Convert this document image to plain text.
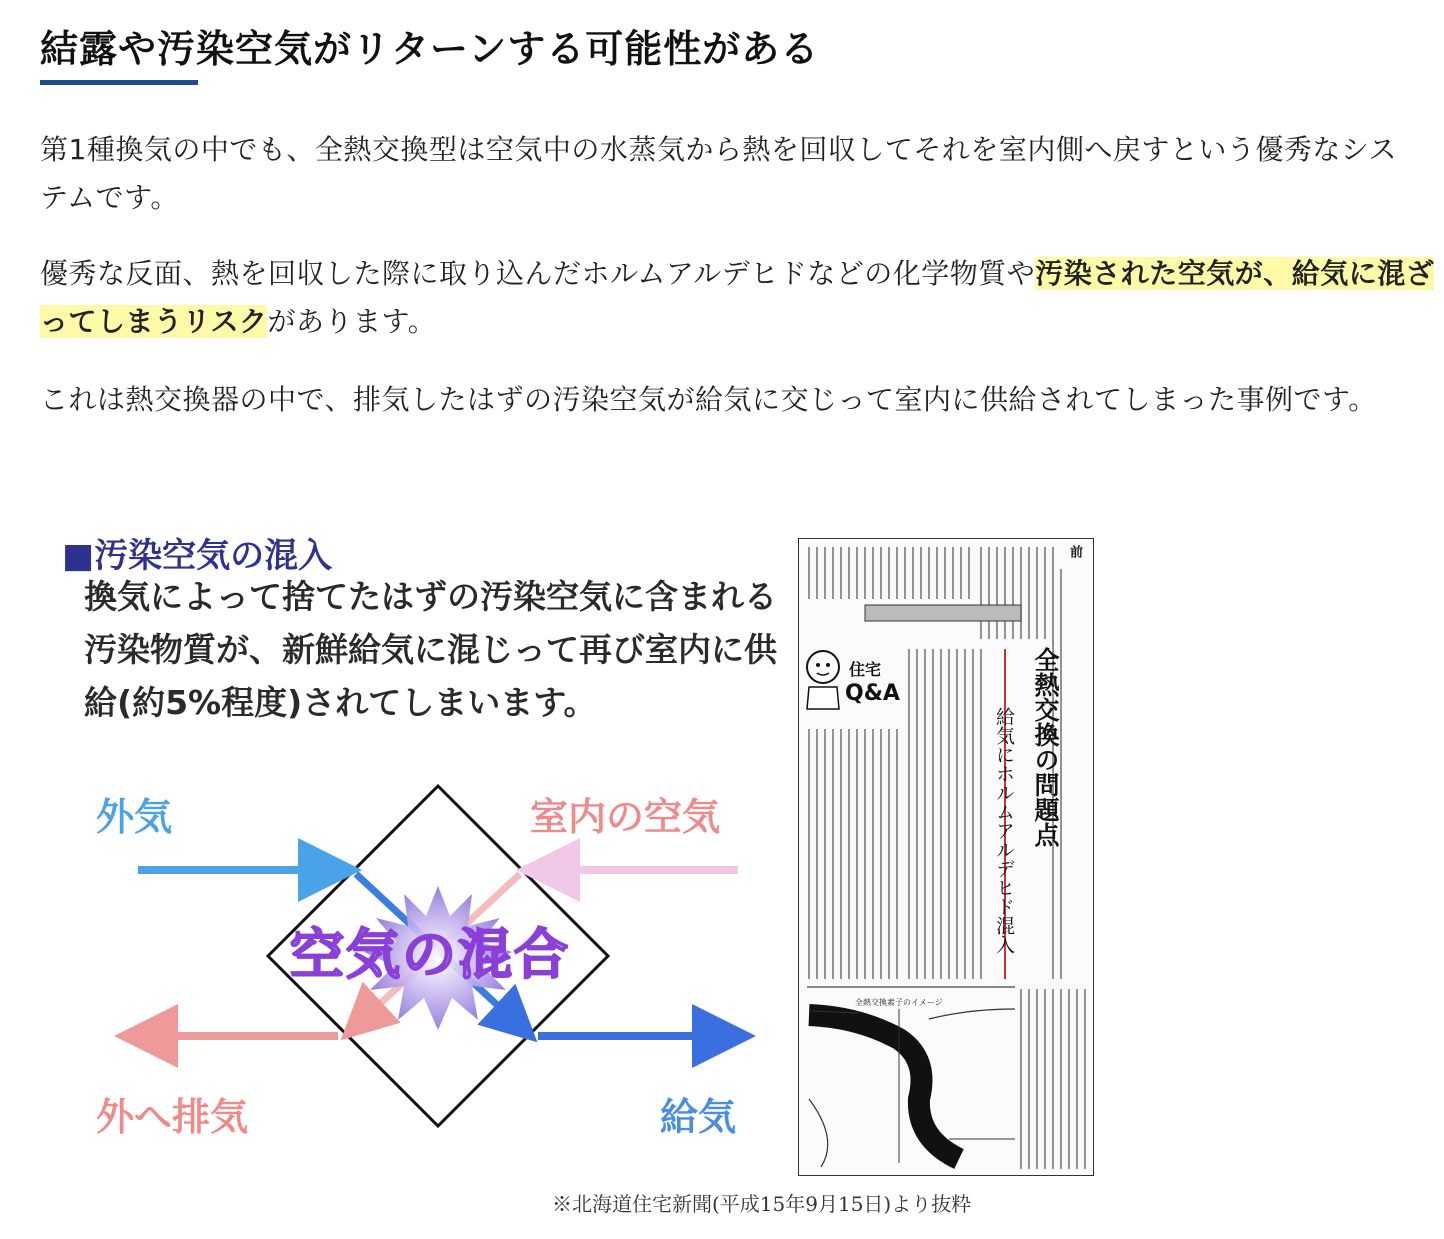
結露や汚染空気がリターンする可能性がある

第1種換気の中でも、全熱交換型は空気中の水蒸気から熱を回収してそれを室内側へ戻すという優秀なシステムです。

優秀な反面、熱を回収した際に取り込んだホルムアルデヒドなどの化学物質や汚染された空気が、給気に混ざってしまうリスクがあります。

これは熱交換器の中で、排気したはずの汚染空気が給気に交じって室内に供給されてしまった事例です。

■汚染空気の混入

換気によって捨てたはずの汚染空気に含まれる汚染物質が、新鮮給気に混じって再び室内に供給(約5%程度)されてしまいます。

外気	室内の空気

外へ排気	給気

空気の混合

前

全熱交換の問題点

給気にホルムアルデヒド混入

住宅

Q&A

全熱交換素子のイメージ

※北海道住宅新聞(平成15年9月15日)より抜粋
